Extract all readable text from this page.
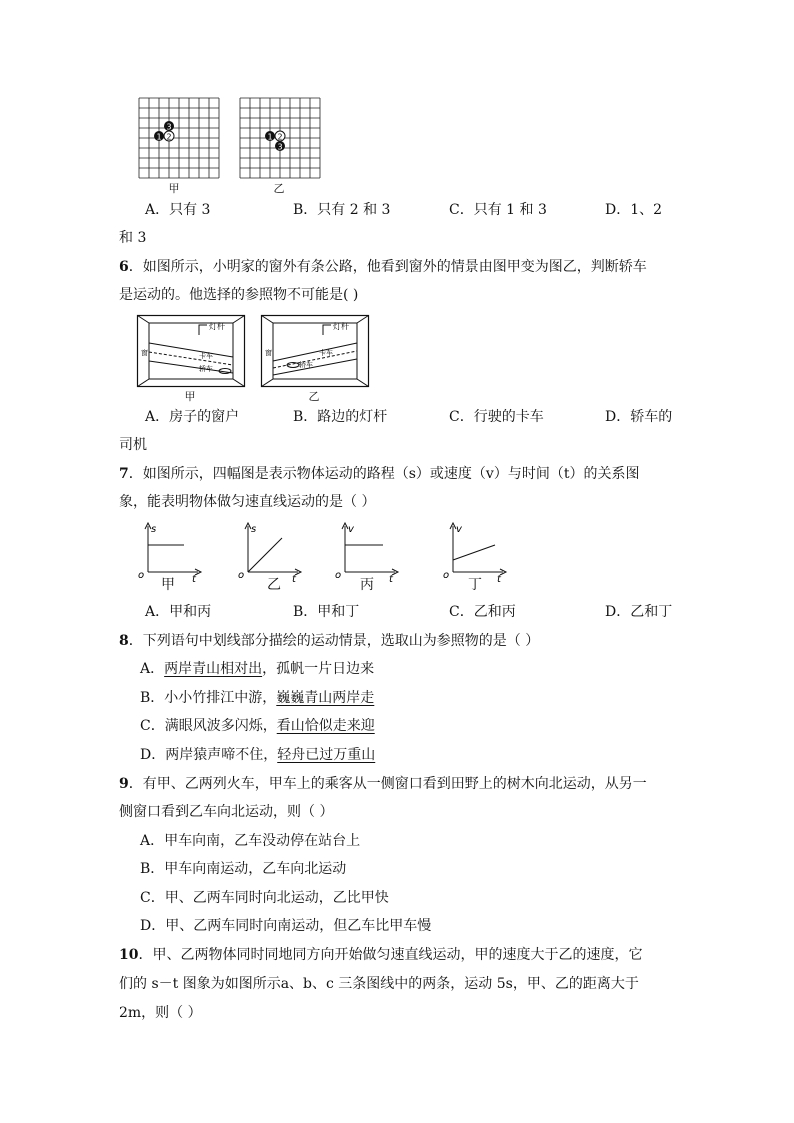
1 2
3
甲
1 2
3
乙
A．只有 3	B．只有 2 和 3	C．只有 1 和 3	D．1、2
和 3
6．如图所示，小明家的窗外有条公路，他看到窗外的情景由图甲变为图乙，判断轿车
是运动的。他选择的参照物不可能是( )
灯杆
窗	卡车
轿车
甲
灯杆
窗	卡车
轿车
乙
A．房子的窗户	B．路边的灯杆	C．行驶的卡车	D．轿车的
司机
7．如图所示，四幅图是表示物体运动的路程（s）或速度（v）与时间（t）的关系图
象，能表明物体做匀速直线运动的是（ ）
s
o	t
甲
s
o	t
乙
v
o	t
丙
v
o	t
丁
A．甲和丙	B．甲和丁	C．乙和丙	D．乙和丁
8．下列语句中划线部分描绘的运动情景，选取山为参照物的是（ ）
A．两岸青山相对出，孤帆一片日边来
B．小小竹排江中游，巍巍青山两岸走
C．满眼风波多闪烁，看山恰似走来迎
D．两岸猿声啼不住，轻舟已过万重山
9．有甲、乙两列火车，甲车上的乘客从一侧窗口看到田野上的树木向北运动，从另一
侧窗口看到乙车向北运动，则（ ）
A．甲车向南，乙车没动停在站台上
B．甲车向南运动，乙车向北运动
C．甲、乙两车同时向北运动，乙比甲快
D．甲、乙两车同时向南运动，但乙车比甲车慢
10．甲、乙两物体同时同地同方向开始做匀速直线运动，甲的速度大于乙的速度，它
们的 s－t 图象为如图所示a、b、c 三条图线中的两条，运动 5s，甲、乙的距离大于
2m，则（ ）
